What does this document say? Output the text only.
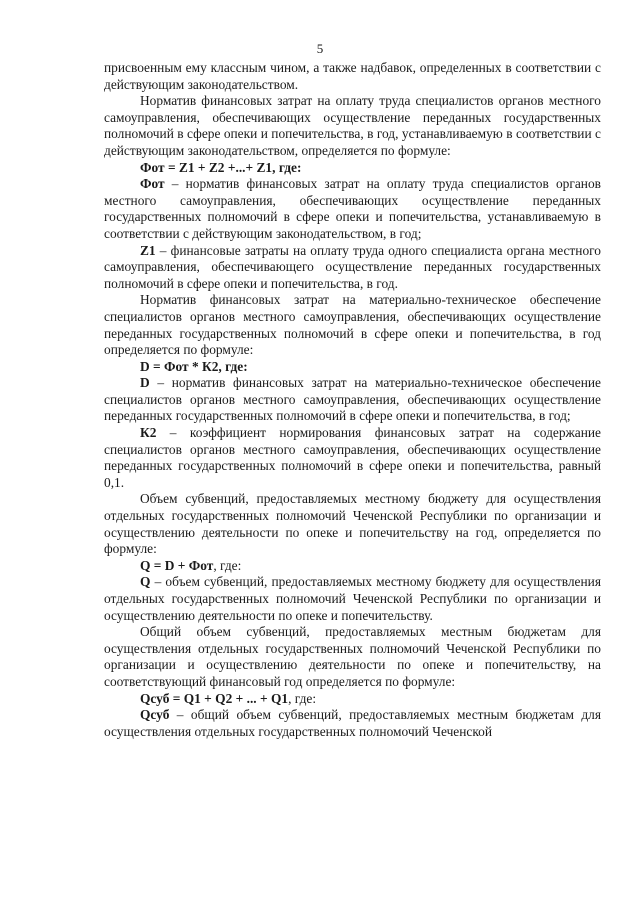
5

присвоенным ему классным чином, а также надбавок, определенных в соответствии с действующим законодательством.

Норматив финансовых затрат на оплату труда специалистов органов местного самоуправления, обеспечивающих осуществление переданных государственных полномочий в сфере опеки и попечительства, в год, устанавливаемую в соответствии с действующим законодательством, определяется по формуле:

Фот = Z1 + Z2 +...+ Z1, где:

Фот – норматив финансовых затрат на оплату труда специалистов органов местного самоуправления, обеспечивающих осуществление переданных государственных полномочий в сфере опеки и попечительства, устанавливаемую в соответствии с действующим законодательством, в год;

Z1 – финансовые затраты на оплату труда одного специалиста органа местного самоуправления, обеспечивающего осуществление переданных государственных полномочий в сфере опеки и попечительства, в год.

Норматив финансовых затрат на материально-техническое обеспечение специалистов органов местного самоуправления, обеспечивающих осуществление переданных государственных полномочий в сфере опеки и попечительства, в год определяется по формуле:

D = Фот * К2, где:

D – норматив финансовых затрат на материально-техническое обеспечение специалистов органов местного самоуправления, обеспечивающих осуществление переданных государственных полномочий в сфере опеки и попечительства, в год;

К2 – коэффициент нормирования финансовых затрат на содержание специалистов органов местного самоуправления, обеспечивающих осуществление переданных государственных полномочий в сфере опеки и попечительства, равный 0,1.

Объем субвенций, предоставляемых местному бюджету для осуществления отдельных государственных полномочий Чеченской Республики по организации и осуществлению деятельности по опеке и попечительству на год, определяется по формуле:

Q = D + Фот, где:

Q – объем субвенций, предоставляемых местному бюджету для осуществления отдельных государственных полномочий Чеченской Республики по организации и осуществлению деятельности по опеке и попечительству.

Общий объем субвенций, предоставляемых местным бюджетам для осуществления отдельных государственных полномочий Чеченской Республики по организации и осуществлению деятельности по опеке и попечительству, на соответствующий финансовый год определяется по формуле:

Qсуб = Q1 + Q2 + ... + Q1, где:

Qсуб – общий объем субвенций, предоставляемых местным бюджетам для осуществления отдельных государственных полномочий Чеченской
